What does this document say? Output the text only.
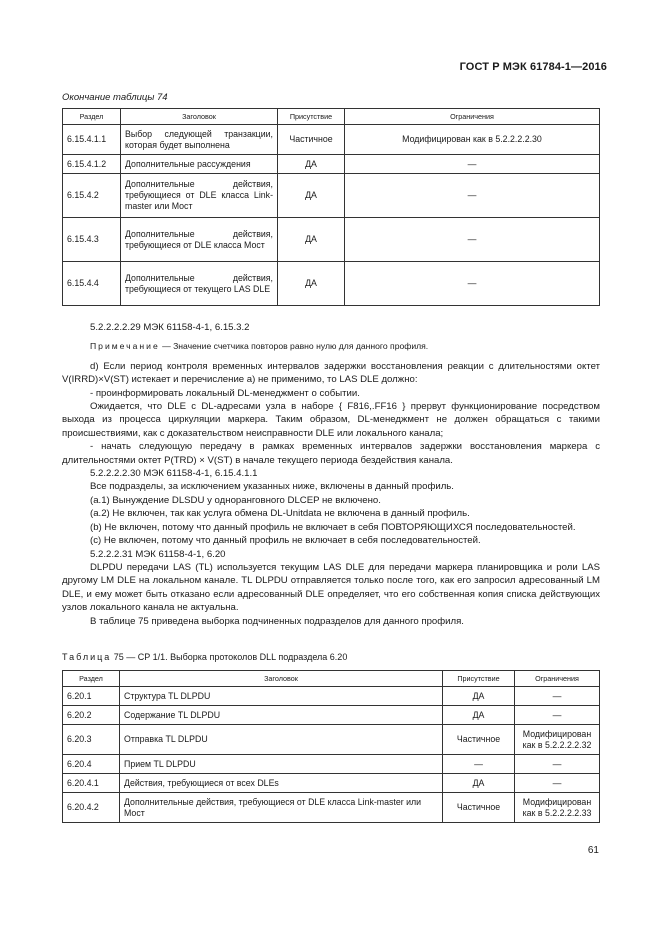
ГОСТ Р МЭК 61784-1—2016
Окончание таблицы 74
Раздел	Заголовок	Присутствие	Ограничения
6.15.4.1.1	Выбор следующей транзакции, которая будет выполнена	Частичное	Модифицирован как в 5.2.2.2.2.30
6.15.4.1.2	Дополнительные рассуждения	ДА	—
6.15.4.2	Дополнительные действия, требующиеся от DLE класса Link-master или Мост	ДА	—
6.15.4.3	Дополнительные действия, требующиеся от DLE класса Мост	ДА	—
6.15.4.4	Дополнительные действия, требующиеся от текущего LAS DLE	ДА	—

5.2.2.2.2.29 МЭК 61158-4-1, 6.15.3.2

Примечание — Значение счетчика повторов равно нулю для данного профиля.

d) Если период контроля временных интервалов задержки восстановления реакции с длительностями октет V(IRRD)×V(ST) истекает и перечисление а) не применимо, то LAS DLE должно:

- проинформировать локальный DL-менеджмент о событии.

Ожидается, что DLE с DL-адресами узла в наборе { F816,.FF16 } прервут функционирование посредством выхода из процесса циркуляции маркера. Таким образом, DL-менеджмент не должен обращаться с такими происшествиями, как с доказательством неисправности DLE или локального канала;

- начать следующую передачу в рамках временных интервалов задержки восстановления маркера с длительностями октет P(TRD) × V(ST) в начале текущего периода бездействия канала.

5.2.2.2.2.30 МЭК 61158-4-1, 6.15.4.1.1

Все подразделы, за исключением указанных ниже, включены в данный профиль.

(a.1) Вынуждение DLSDU у одноранговного DLCEP не включено.

(a.2) Не включен, так как услуга обмена DL-Unitdata не включена в данный профиль.

(b) Не включен, потому что данный профиль не включает в себя ПОВТОРЯЮЩИХСЯ последовательностей.

(c) Не включен, потому что данный профиль не включает в себя последовательностей.

5.2.2.2.31 МЭК 61158-4-1, 6.20

DLPDU передачи LAS (TL) используется текущим LAS DLE для передачи маркера планировщика и роли LAS другому LM DLE на локальном канале. TL DLPDU отправляется только после того, как его запросил адресованный LM DLE, и ему может быть отказано если адресованный DLE определяет, что его собственная копия списка действующих узлов локального канала не актуальна.

В таблице 75 приведена выборка подчиненных подразделов для данного профиля.

Таблица 75 — CP 1/1. Выборка протоколов DLL подраздела 6.20
Раздел	Заголовок	Присутствие	Ограничения
6.20.1	Структура TL DLPDU	ДА	—
6.20.2	Содержание TL DLPDU	ДА	—
6.20.3	Отправка TL DLPDU	Частичное	Модифицирован как в 5.2.2.2.2.32
6.20.4	Прием TL DLPDU	—	—
6.20.4.1	Действия, требующиеся от всех DLEs	ДА	—
6.20.4.2	Дополнительные действия, требующиеся от DLE класса Link-master или Мост	Частичное	Модифицирован как в 5.2.2.2.2.33
61
